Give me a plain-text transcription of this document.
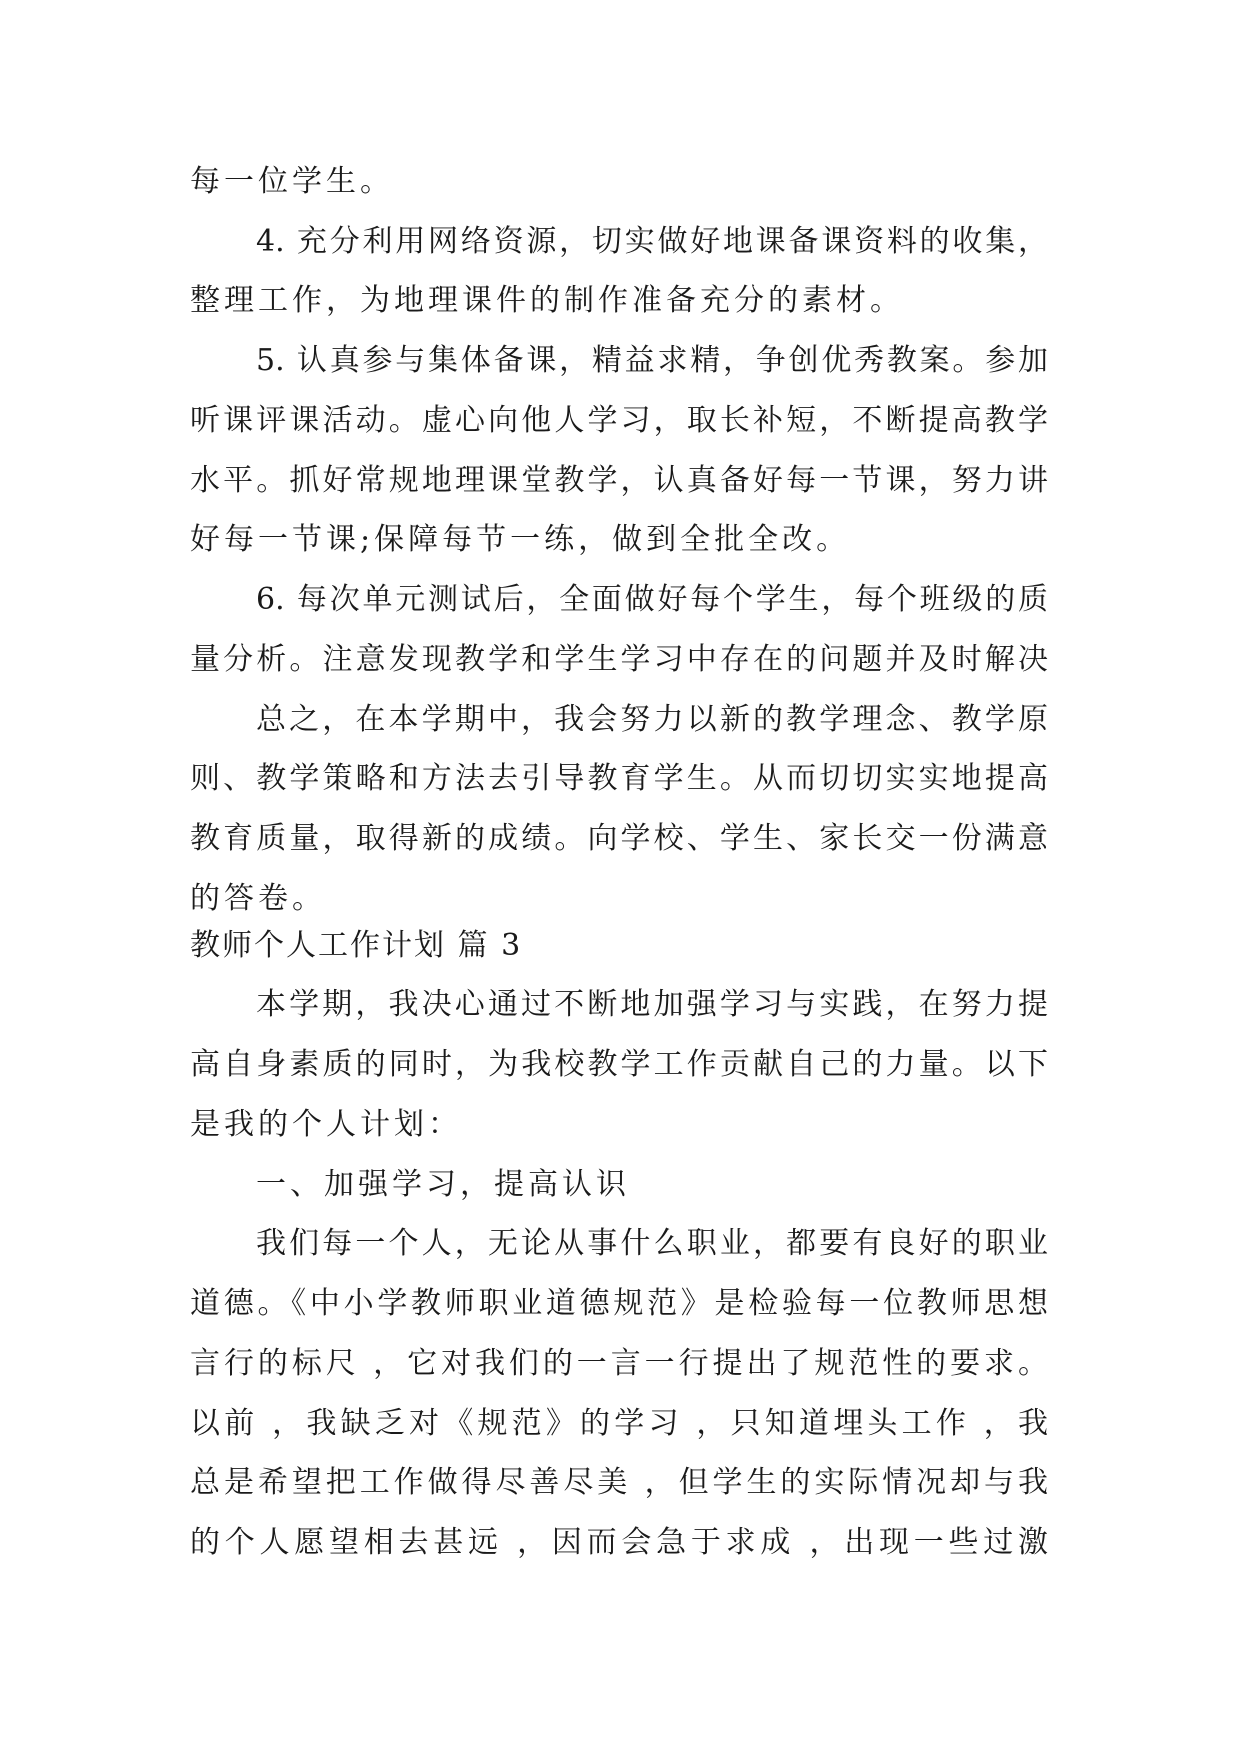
每一位学生。
4. 充分利用网络资源，切实做好地课备课资料的收集，
整理工作，为地理课件的制作准备充分的素材。
5. 认真参与集体备课，精益求精，争创优秀教案。参加
听课评课活动。虚心向他人学习，取长补短，不断提高教学
水平。抓好常规地理课堂教学，认真备好每一节课，努力讲
好每一节课;保障每节一练，做到全批全改。
6. 每次单元测试后，全面做好每个学生，每个班级的质
量分析。注意发现教学和学生学习中存在的问题并及时解决
总之，在本学期中，我会努力以新的教学理念、教学原
则、教学策略和方法去引导教育学生。从而切切实实地提高
教育质量，取得新的成绩。向学校、学生、家长交一份满意
的答卷。
教师个人工作计划 篇 3
本学期，我决心通过不断地加强学习与实践，在努力提
高自身素质的同时，为我校教学工作贡献自己的力量。以下
是我的个人计划：
一、加强学习，提高认识
我们每一个人，无论从事什么职业，都要有良好的职业
道德。《中小学教师职业道德规范》是检验每一位教师思想
言行的标尺 ，它对我们的一言一行提出了规范性的要求。
以前 ，我缺乏对《规范》的学习 ，只知道埋头工作 ，我
总是希望把工作做得尽善尽美 ，但学生的实际情况却与我
的个人愿望相去甚远 ，因而会急于求成 ，出现一些过激
